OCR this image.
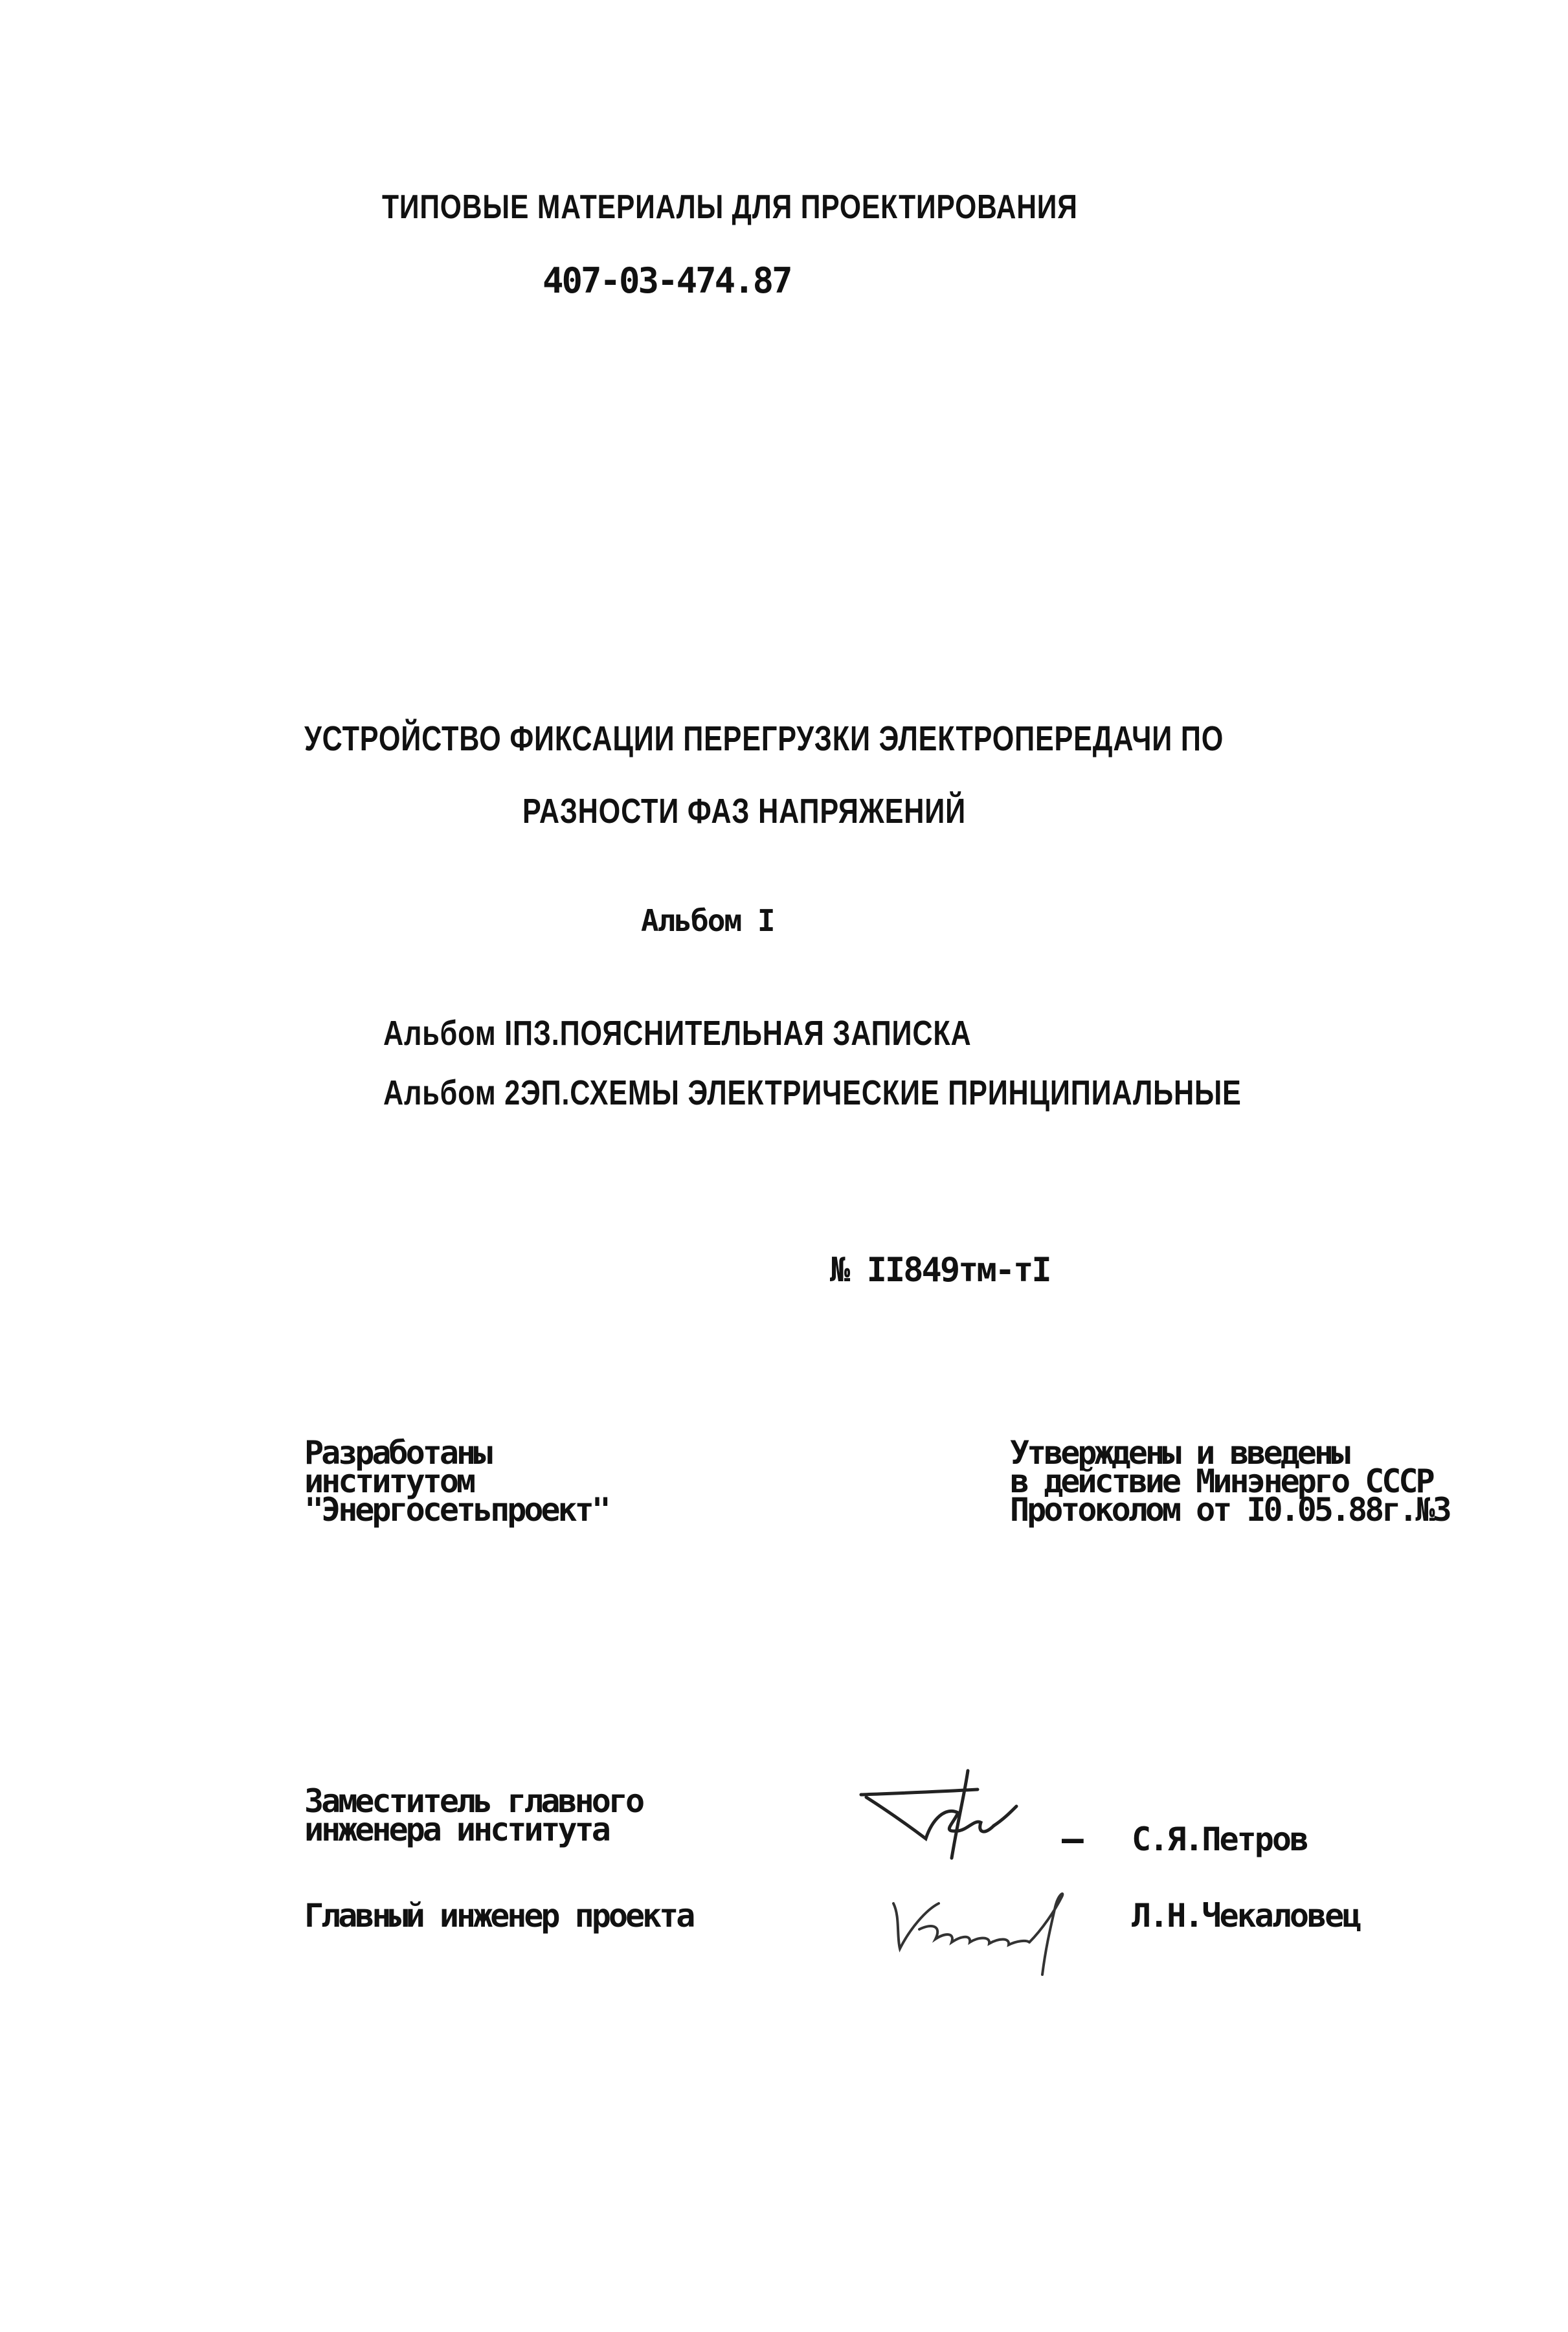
ТИПОВЫЕ МАТЕРИАЛЫ ДЛЯ ПРОЕКТИРОВАНИЯ
407-03-474.87
УСТРОЙСТВО ФИКСАЦИИ ПЕРЕГРУЗКИ ЭЛЕКТРОПЕРЕДАЧИ ПО
РАЗНОСТИ ФАЗ НАПРЯЖЕНИЙ
Альбом I
Альбом IПЗ.ПОЯСНИТЕЛЬНАЯ ЗАПИСКА
Альбом 2ЭП.СХЕМЫ ЭЛЕКТРИЧЕСКИЕ ПРИНЦИПИАЛЬНЫЕ
№ II849тм-тI
Разработаны
институтом
"Энергосетьпроект"
Утверждены и введены
в действие Минэнерго СССР
Протоколом от I0.05.88г.№3
Заместитель главного
инженера института	— С.Я.Петров
Главный инженер проекта	Л.Н.Чекаловец
